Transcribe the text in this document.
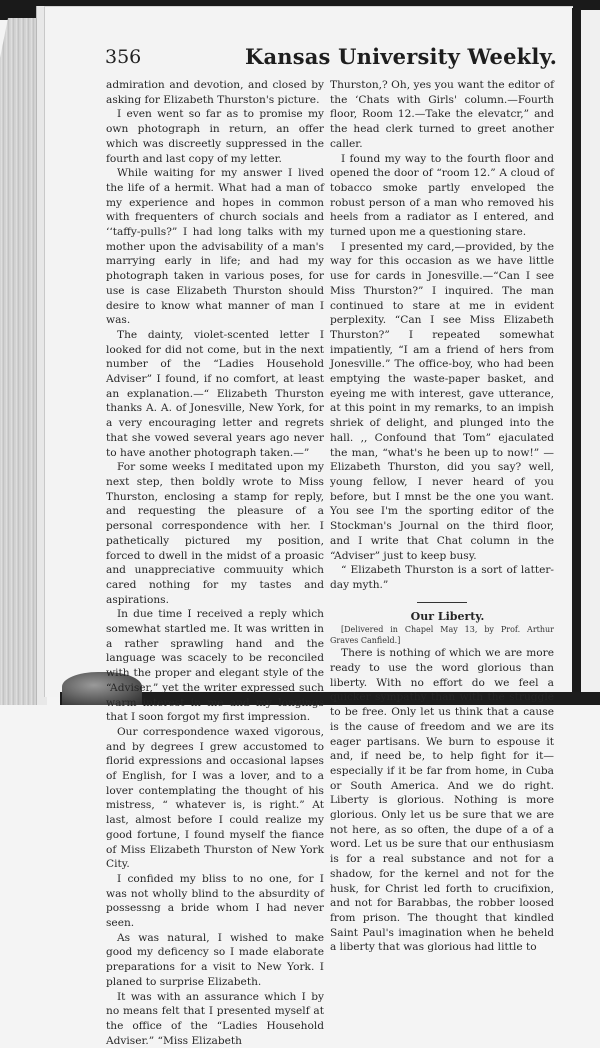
356	Kansas University Weekly.

admiration and devotion, and closed by asking for Elizabeth Thurston's picture.

I even went so far as to promise my own photograph in return, an offer which was discreetly suppressed in the fourth and last copy of my letter.

While waiting for my answer I lived the life of a hermit. What had a man of my experience and hopes in common with frequenters of church socials and ‘‘taffy-pulls?” I had long talks with my mother upon the advisability of a man's marrying early in life; and had my photograph taken in various poses, for use is case Elizabeth Thurston should desire to know what manner of man I was.

The dainty, violet-scented letter I looked for did not come, but in the next number of the “Ladies Household Adviser” I found, if no comfort, at least an explanation.—“ Elizabeth Thurston thanks A. A. of Jonesville, New York, for a very encouraging letter and regrets that she vowed several years ago never to have another photograph taken.—”

For some weeks I meditated upon my next step, then boldly wrote to Miss Thurston, enclosing a stamp for reply, and requesting the pleasure of a personal correspondence with her. I pathetically pictured my position, forced to dwell in the midst of a proasic and unappreciative commuuity which cared nothing for my tastes and aspirations.

In due time I received a reply which somewhat startled me. It was written in a rather sprawling hand and the language was scacely to be reconciled with the proper and elegant style of the “Adviser,” yet the writer expressed such warm interest in me and my longings that I soon forgot my first impression.

Our correspondence waxed vigorous, and by degrees I grew accustomed to florid expressions and occasional lapses of English, for I was a lover, and to a lover contemplating the thought of his mistress, “ whatever is, is right.” At last, almost before I could realize my good fortune, I found myself the fiance of Miss Elizabeth Thurston of New York City.

I confided my bliss to no one, for I was not wholly blind to the absurdity of possessng a bride whom I had never seen.

As was natural, I wished to make good my deficency so I made elaborate preparations for a visit to New York. I planed to surprise Elizabeth.

It was with an assurance which I by no means felt that I presented myself at the office of the “Ladies Household Adviser.” “Miss Elizabeth

Thurston,? Oh, yes you want the editor of the ‘Chats with Girls' column.—Fourth floor, Room 12.—Take the elevatcr,” and the head clerk turned to greet another caller.

I found my way to the fourth floor and opened the door of “room 12.” A cloud of tobacco smoke partly enveloped the robust person of a man who removed his heels from a radiator as I entered, and turned upon me a questioning stare.

I presented my card,—provided, by the way for this occasion as we have little use for cards in Jonesville.—“Can I see Miss Thurston?” I inquired. The man continued to stare at me in evident perplexity. “Can I see Miss Elizabeth Thurston?” I repeated somewhat impatiently, “I am a friend of hers from Jonesville.” The office-boy, who had been emptying the waste-paper basket, and eyeing me with interest, gave utterance, at this point in my remarks, to an impish shriek of delight, and plunged into the hall. ,, Confound that Tom” ejaculated the man, “what's he been up to now!” —Elizabeth Thurston, did you say? well, young fellow, I never heard of you before, but I mnst be the one you want. You see I'm the sporting editor of the Stockman's Journal on the third floor, and I write that Chat column in the “Adviser” just to keep busy.

“ Elizabeth Thurston is a sort of latter-day myth.”

Our Liberty.

[Delivered in Chapel May 13, by Prof. Arthur Graves Canfield.]

There is nothing of which we are more ready to use the word glorious than liberty. With no effort do we feel a quicker sympathy than with the struggle to be free. Only let us think that a cause is the cause of freedom and we are its eager partisans. We burn to espouse it and, if need be, to help fight for it— especially if it be far from home, in Cuba or South America. And we do right. Liberty is glorious. Nothing is more glorious. Only let us be sure that we are not here, as so often, the dupe of a of a word. Let us be sure that our enthusiasm is for a real substance and not for a shadow, for the kernel and not for the husk, for Christ led forth to crucifixion, and not for Barabbas, the robber loosed from prison. The thought that kindled Saint Paul's imagination when he beheld a liberty that was glorious had little to
